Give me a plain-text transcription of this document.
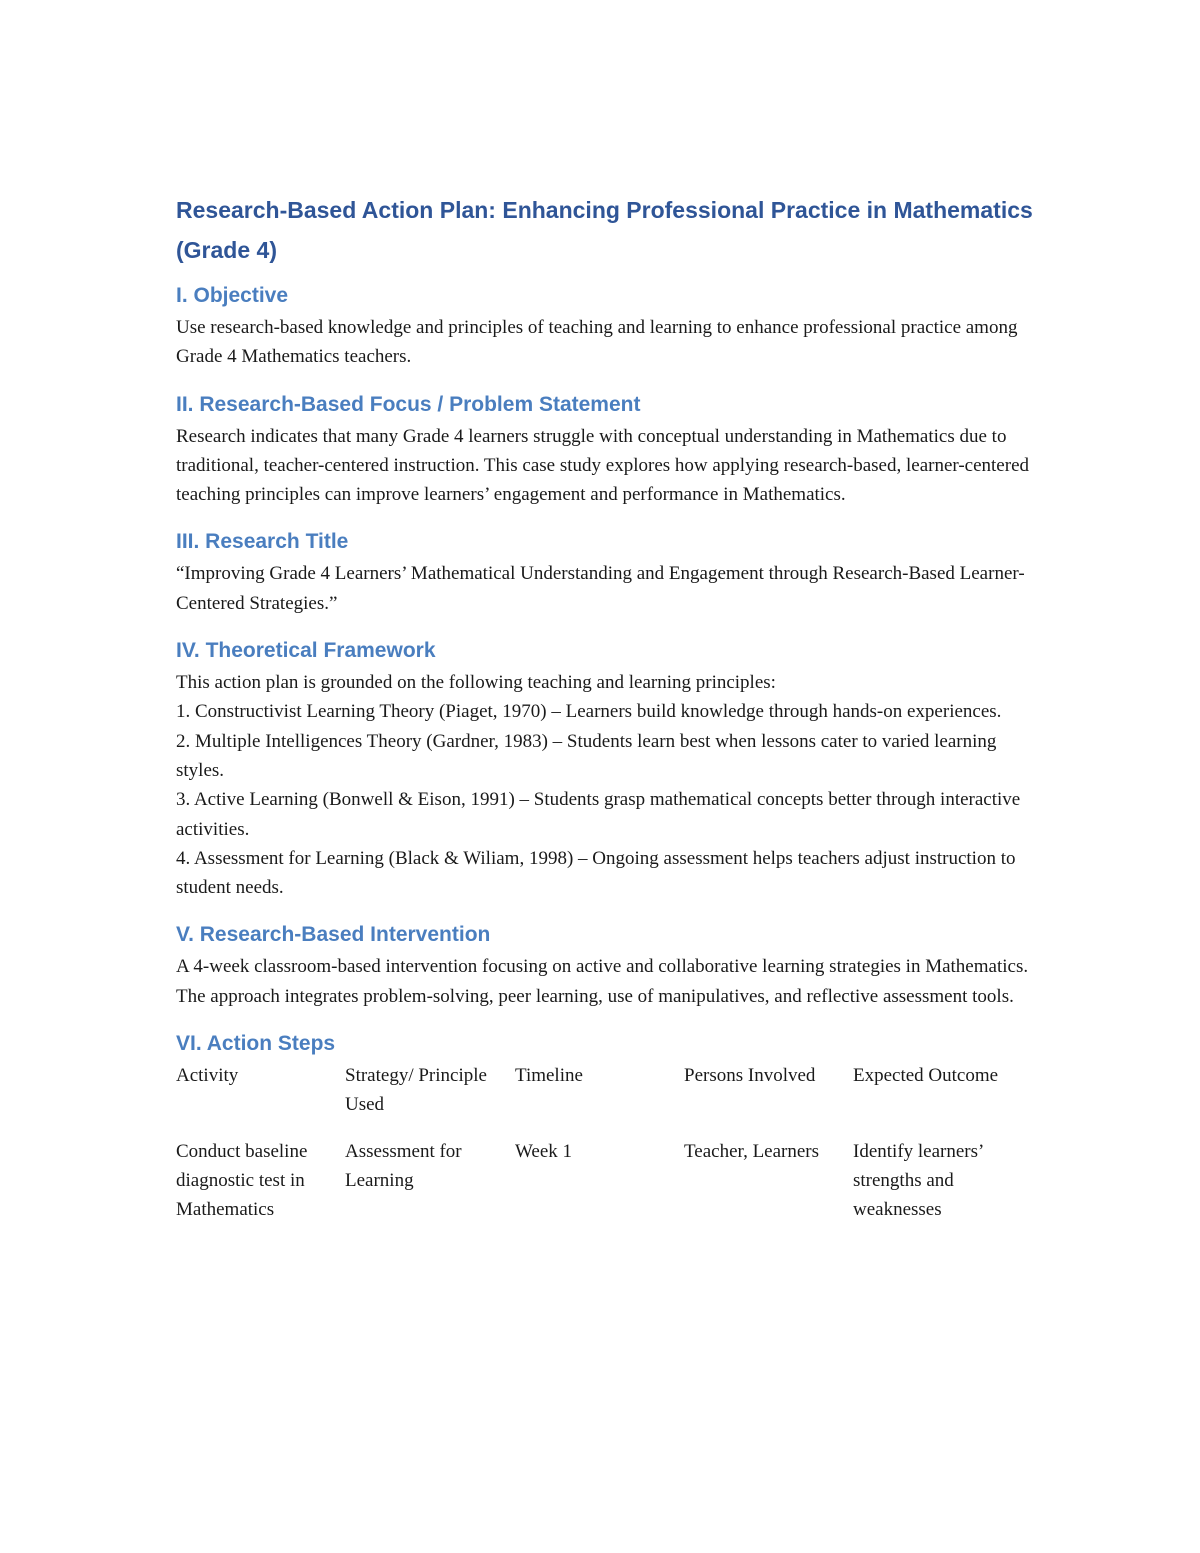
Research-Based Action Plan: Enhancing Professional Practice in Mathematics (Grade 4)
I. Objective

Use research-based knowledge and principles of teaching and learning to enhance professional practice among Grade 4 Mathematics teachers.

II. Research-Based Focus / Problem Statement

Research indicates that many Grade 4 learners struggle with conceptual understanding in Mathematics due to traditional, teacher-centered instruction. This case study explores how applying research-based, learner-centered teaching principles can improve learners’ engagement and performance in Mathematics.

III. Research Title

“Improving Grade 4 Learners’ Mathematical Understanding and Engagement through Research-Based Learner-Centered Strategies.”

IV. Theoretical Framework

This action plan is grounded on the following teaching and learning principles:

1. Constructivist Learning Theory (Piaget, 1970) – Learners build knowledge through hands-on experiences.

2. Multiple Intelligences Theory (Gardner, 1983) – Students learn best when lessons cater to varied learning styles.

3. Active Learning (Bonwell & Eison, 1991) – Students grasp mathematical concepts better through interactive activities.

4. Assessment for Learning (Black & Wiliam, 1998) – Ongoing assessment helps teachers adjust instruction to student needs.

V. Research-Based Intervention

A 4-week classroom-based intervention focusing on active and collaborative learning strategies in Mathematics. The approach integrates problem-solving, peer learning, use of manipulatives, and reflective assessment tools.

VI. Action Steps
Activity	Strategy/ Principle Used	Timeline	Persons Involved	Expected Outcome
Conduct baseline diagnostic test in Mathematics	Assessment for Learning	Week 1	Teacher, Learners	Identify learners’ strengths and weaknesses
